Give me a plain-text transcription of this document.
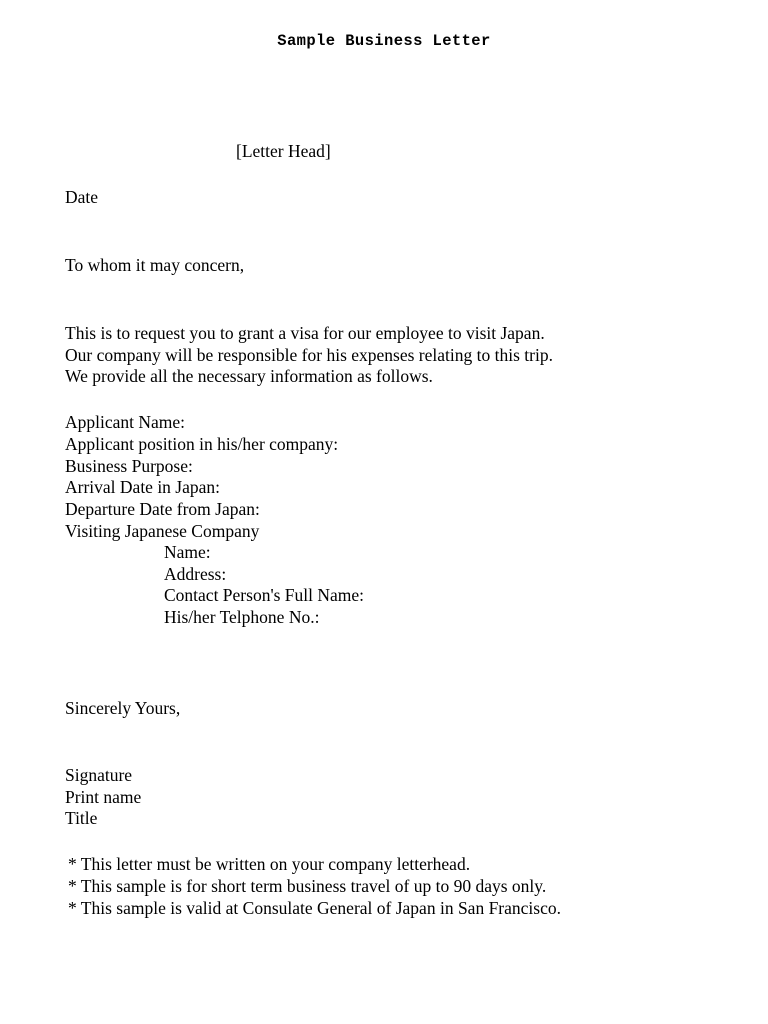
Sample Business Letter
[Letter Head]
Date
To whom it may concern,
This is to request you to grant a visa for our employee to visit Japan.
Our company will be responsible for his expenses relating to this trip.
We provide all the necessary information as follows.
Applicant Name:
Applicant position in his/her company:
Business Purpose:
Arrival Date in Japan:
Departure Date from Japan:
Visiting Japanese Company
Name:
Address:
Contact Person's Full Name:
His/her Telphone No.:
Sincerely Yours,
Signature
Print name
Title
* This letter must be written on your company letterhead.
* This sample is for short term business travel of up to 90 days only.
* This sample is valid at Consulate General of Japan in San Francisco.
